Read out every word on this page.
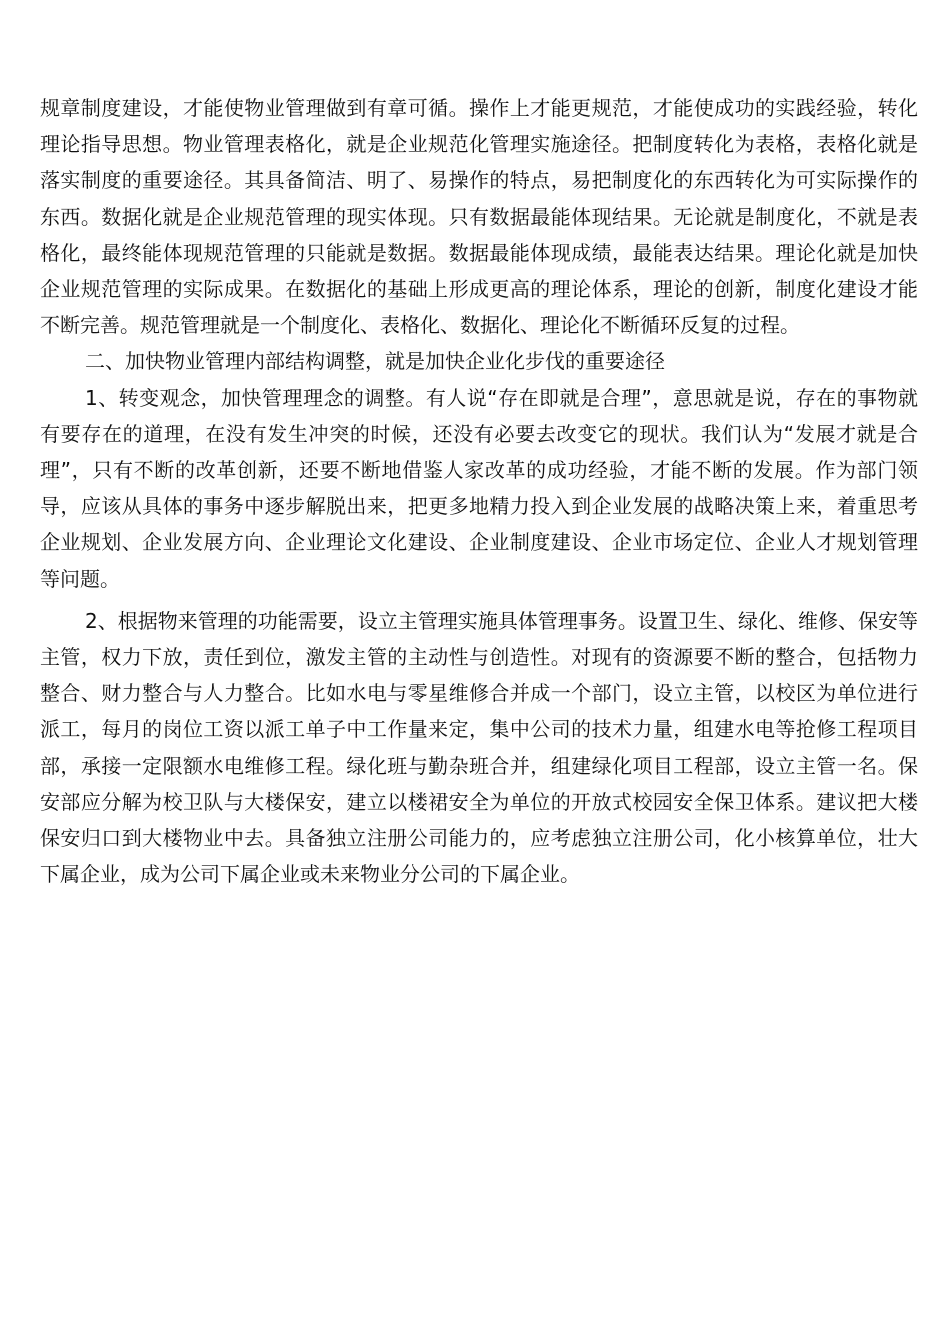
规章制度建设，才能使物业管理做到有章可循。操作上才能更规范，才能使成功的实践经验，转化理论指导思想。物业管理表格化，就是企业规范化管理实施途径。把制度转化为表格，表格化就是落实制度的重要途径。其具备简洁、明了、易操作的特点，易把制度化的东西转化为可实际操作的东西。数据化就是企业规范管理的现实体现。只有数据最能体现结果。无论就是制度化，不就是表格化，最终能体现规范管理的只能就是数据。数据最能体现成绩，最能表达结果。理论化就是加快企业规范管理的实际成果。在数据化的基础上形成更高的理论体系，理论的创新，制度化建设才能不断完善。规范管理就是一个制度化、表格化、数据化、理论化不断循环反复的过程。

二、加快物业管理内部结构调整，就是加快企业化步伐的重要途径

1、转变观念，加快管理理念的调整。有人说“存在即就是合理”，意思就是说，存在的事物就有要存在的道理，在没有发生冲突的时候，还没有必要去改变它的现状。我们认为“发展才就是合理”，只有不断的改革创新，还要不断地借鉴人家改革的成功经验，才能不断的发展。作为部门领导，应该从具体的事务中逐步解脱出来，把更多地精力投入到企业发展的战略决策上来，着重思考企业规划、企业发展方向、企业理论文化建设、企业制度建设、企业市场定位、企业人才规划管理等问题。

2、根据物来管理的功能需要，设立主管理实施具体管理事务。设置卫生、绿化、维修、保安等主管，权力下放，责任到位，激发主管的主动性与创造性。对现有的资源要不断的整合，包括物力整合、财力整合与人力整合。比如水电与零星维修合并成一个部门，设立主管，以校区为单位进行派工，每月的岗位工资以派工单子中工作量来定，集中公司的技术力量，组建水电等抢修工程项目部，承接一定限额水电维修工程。绿化班与勤杂班合并，组建绿化项目工程部，设立主管一名。保安部应分解为校卫队与大楼保安，建立以楼裙安全为单位的开放式校园安全保卫体系。建议把大楼保安归口到大楼物业中去。具备独立注册公司能力的，应考虑独立注册公司，化小核算单位，壮大下属企业，成为公司下属企业或未来物业分公司的下属企业。
